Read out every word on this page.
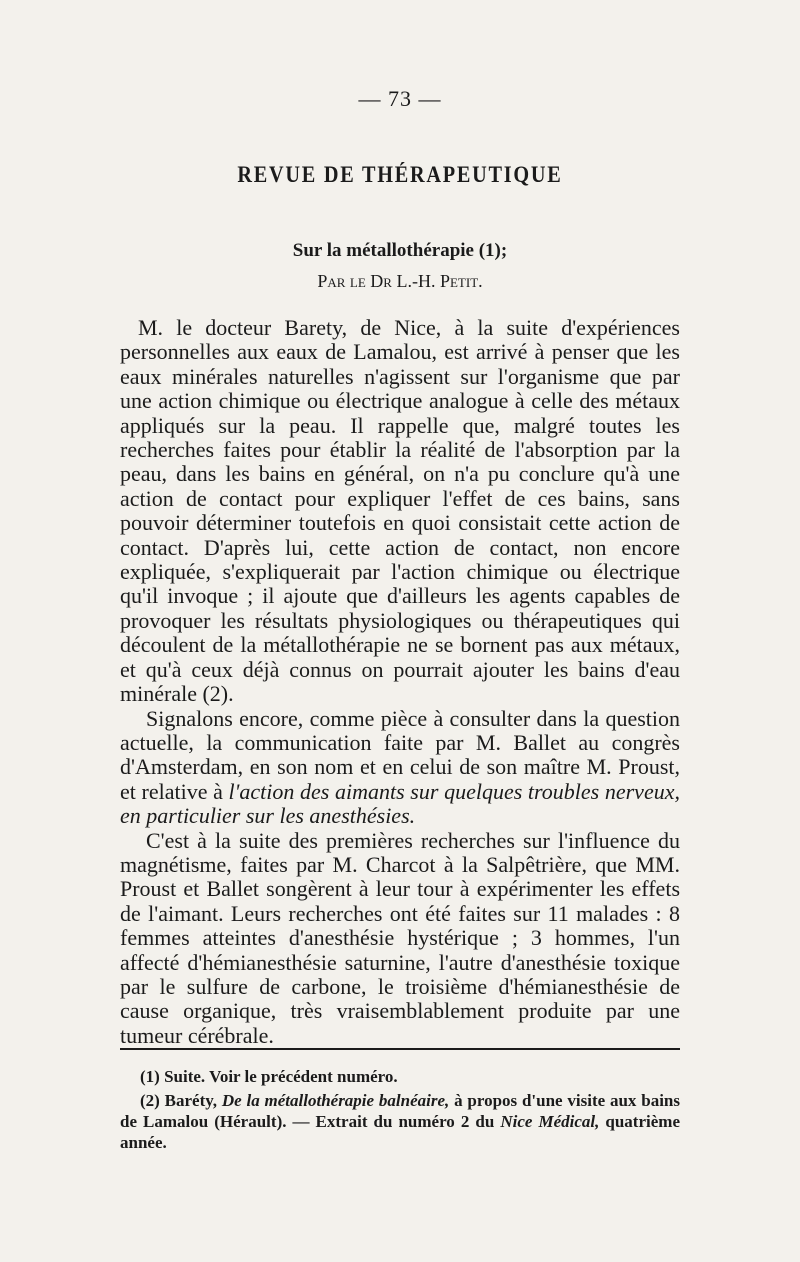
— 73 —
REVUE DE THÉRAPEUTIQUE
Sur la métallothérapie (1);
Par le Dr L.-H. Petit.

M. le docteur Barety, de Nice, à la suite d'expériences personnelles aux eaux de Lamalou, est arrivé à penser que les eaux minérales naturelles n'agissent sur l'organisme que par une action chimique ou électrique analogue à celle des métaux appliqués sur la peau. Il rappelle que, malgré toutes les recherches faites pour établir la réalité de l'absorption par la peau, dans les bains en général, on n'a pu conclure qu'à une action de contact pour expliquer l'effet de ces bains, sans pouvoir déterminer toutefois en quoi consistait cette action de contact. D'après lui, cette action de contact, non encore expliquée, s'expliquerait par l'action chimique ou électrique qu'il invoque ; il ajoute que d'ailleurs les agents capables de provoquer les résultats physiologiques ou thérapeutiques qui découlent de la métallothérapie ne se bornent pas aux métaux, et qu'à ceux déjà connus on pourrait ajouter les bains d'eau minérale (2).

Signalons encore, comme pièce à consulter dans la question actuelle, la communication faite par M. Ballet au congrès d'Amsterdam, en son nom et en celui de son maître M. Proust, et relative à l'action des aimants sur quelques troubles nerveux, en particulier sur les anesthésies.

C'est à la suite des premières recherches sur l'influence du magnétisme, faites par M. Charcot à la Salpêtrière, que MM. Proust et Ballet songèrent à leur tour à expérimenter les effets de l'aimant. Leurs recherches ont été faites sur 11 malades : 8 femmes atteintes d'anesthésie hystérique ; 3 hommes, l'un affecté d'hémianesthésie saturnine, l'autre d'anesthésie toxique par le sulfure de carbone, le troisième d'hémianesthésie de cause organique, très vraisemblablement produite par une tumeur cérébrale.

(1) Suite. Voir le précédent numéro.

(2) Baréty, De la métallothérapie balnéaire, à propos d'une visite aux bains de Lamalou (Hérault). — Extrait du numéro 2 du Nice Médical, quatrième année.
